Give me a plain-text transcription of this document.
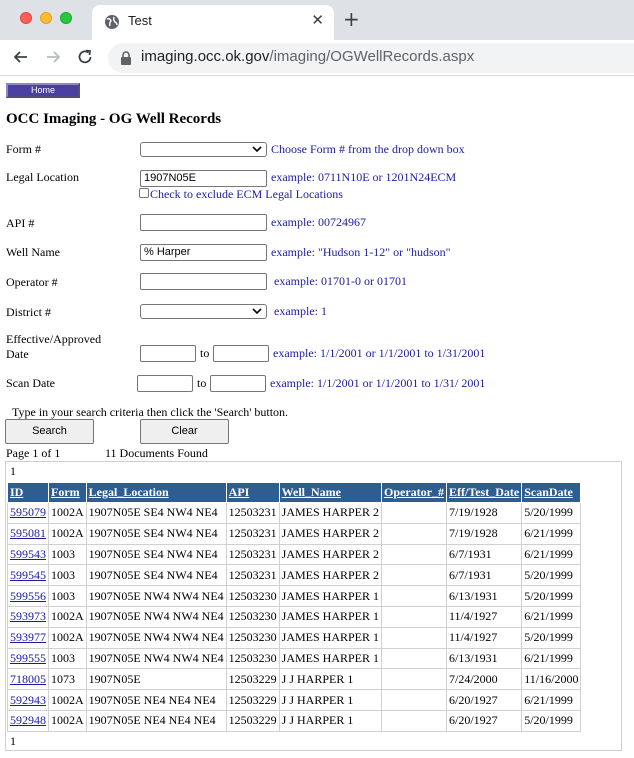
Test	✕ +
imaging.occ.ok.gov/imaging/OGWellRecords.aspx
Home
OCC Imaging - OG Well Records
Form #	Choose Form # from the drop down box
Legal Location	1907N05E	example: 0711N10E or 1201N24ECM
Check to exclude ECM Legal Locations
API #	example: 00724967
Well Name	% Harper	example: "Hudson 1-12" or "hudson"
Operator #	example: 01701-0 or 01701
District #	example: 1
Effective/Approved
Date	to	example: 1/1/2001 or 1/1/2001 to 1/31/2001
Scan Date	to	example: 1/1/2001 or 1/1/2001 to 1/31/ 2001
Type in your search criteria then click the 'Search' button.
Search	Clear
Page 1 of 1	11 Documents Found
1
ID	Form	Legal_Location	API	Well_Name	Operator_#	Eff/Test_Date	ScanDate
595079	1002A	1907N05E SE4 NW4 NE4	12503231	JAMES HARPER 2		7/19/1928	5/20/1999
595081	1002A	1907N05E SE4 NW4 NE4	12503231	JAMES HARPER 2		7/19/1928	6/21/1999
599543	1003	1907N05E SE4 NW4 NE4	12503231	JAMES HARPER 2		6/7/1931	6/21/1999
599545	1003	1907N05E SE4 NW4 NE4	12503231	JAMES HARPER 2		6/7/1931	5/20/1999
599556	1003	1907N05E NW4 NW4 NE4	12503230	JAMES HARPER 1		6/13/1931	5/20/1999
593973	1002A	1907N05E NW4 NW4 NE4	12503230	JAMES HARPER 1		11/4/1927	6/21/1999
593977	1002A	1907N05E NW4 NW4 NE4	12503230	JAMES HARPER 1		11/4/1927	5/20/1999
599555	1003	1907N05E NW4 NW4 NE4	12503230	JAMES HARPER 1		6/13/1931	6/21/1999
718005	1073	1907N05E	12503229	J J HARPER 1		7/24/2000	11/16/2000
592943	1002A	1907N05E NE4 NE4 NE4	12503229	J J HARPER 1		6/20/1927	6/21/1999
592948	1002A	1907N05E NE4 NE4 NE4	12503229	J J HARPER 1		6/20/1927	5/20/1999
1
